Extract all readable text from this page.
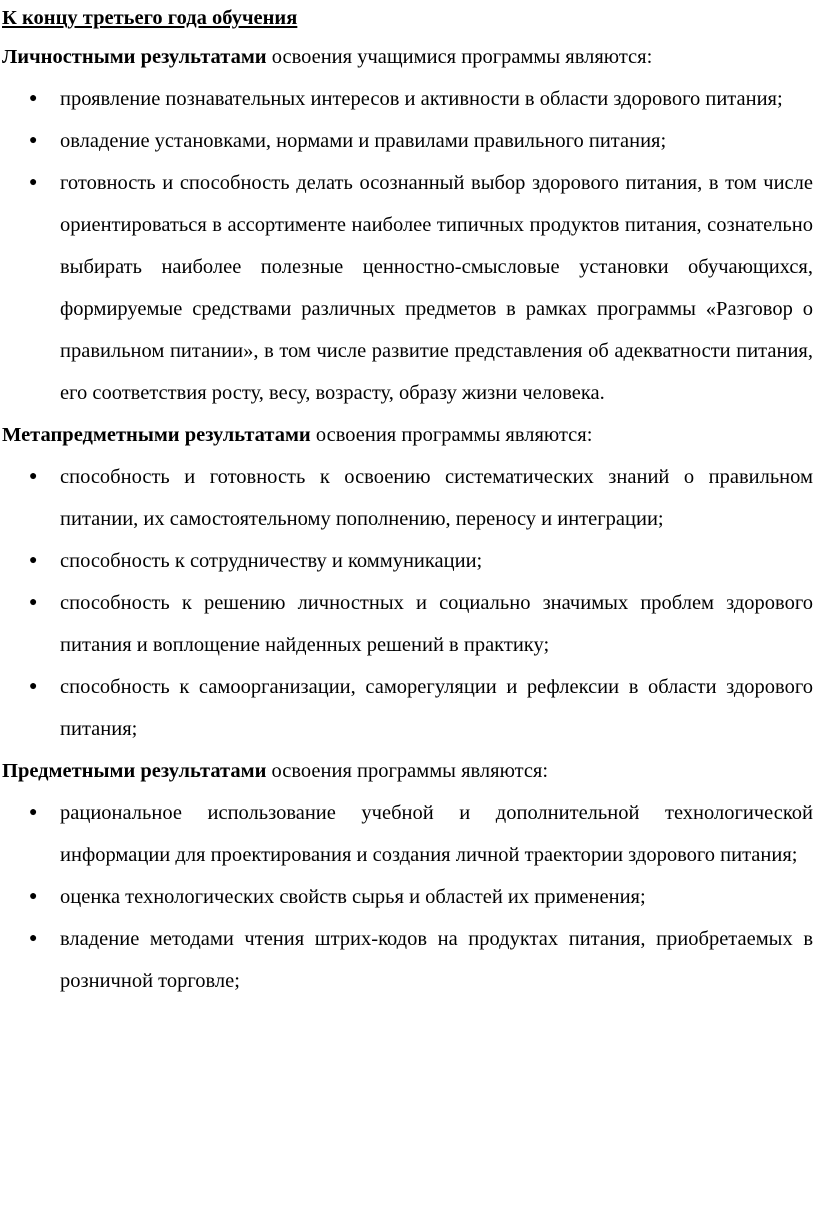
К концу третьего года обучения

Личностными результатами освоения учащимися программы являются:

● проявление познавательных интересов и активности в области здорового питания;
● овладение установками, нормами и правилами правильного питания;
● готовность и способность делать осознанный выбор здорового питания, в том числе ориентироваться в ассортименте наиболее типичных продуктов питания, сознательно выбирать наиболее полезные ценностно-смысловые установки обучающихся, формируемые средствами различных предметов в рамках программы «Разговор о правильном питании», в том числе развитие представления об адекватности питания, его соответствия росту, весу, возрасту, образу жизни человека.

Метапредметными результатами освоения программы являются:

● способность и готовность к освоению систематических знаний о правильном питании, их самостоятельному пополнению, переносу и интеграции;
● способность к сотрудничеству и коммуникации;
● способность к решению личностных и социально значимых проблем здорового питания и воплощение найденных решений в практику;
● способность к самоорганизации, саморегуляции и рефлексии в области здорового питания;

Предметными результатами освоения программы являются:

● рациональное использование учебной и дополнительной технологической информации для проектирования и создания личной траектории здорового питания;
● оценка технологических свойств сырья и областей их применения;
● владение методами чтения штрих-кодов на продуктах питания, приобретаемых в розничной торговле;
